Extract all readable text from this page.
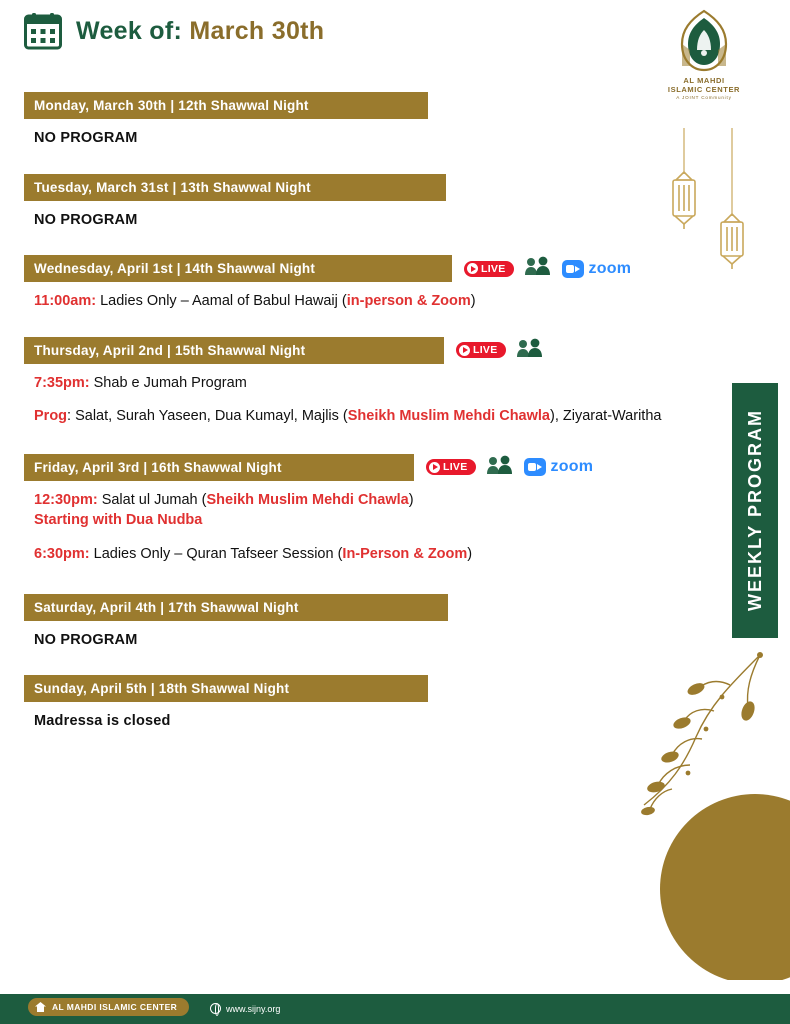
Week of: March 30th
AL MAHDI
ISLAMIC CENTER
A JOINT Community
WEEKLY PROGRAM
Monday, March 30th | 12th Shawwal Night
NO PROGRAM
Tuesday, March 31st | 13th Shawwal Night
NO PROGRAM
Wednesday, April 1st | 14th Shawwal Night	LIVE	zoom
11:00am: Ladies Only – Aamal of Babul Hawaij (in-person & Zoom)
Thursday, April 2nd | 15th Shawwal Night	LIVE
7:35pm: Shab e Jumah Program
Prog: Salat, Surah Yaseen, Dua Kumayl, Majlis (Sheikh Muslim Mehdi Chawla), Ziyarat-Waritha
Friday, April 3rd | 16th Shawwal Night	LIVE	zoom
12:30pm: Salat ul Jumah (Sheikh Muslim Mehdi Chawla)
Starting with Dua Nudba
6:30pm: Ladies Only – Quran Tafseer Session (In-Person & Zoom)
Saturday, April 4th | 17th Shawwal Night
NO PROGRAM
Sunday, April 5th | 18th Shawwal Night
Madressa is closed
AL MAHDI ISLAMIC CENTER	www.sijny.org
